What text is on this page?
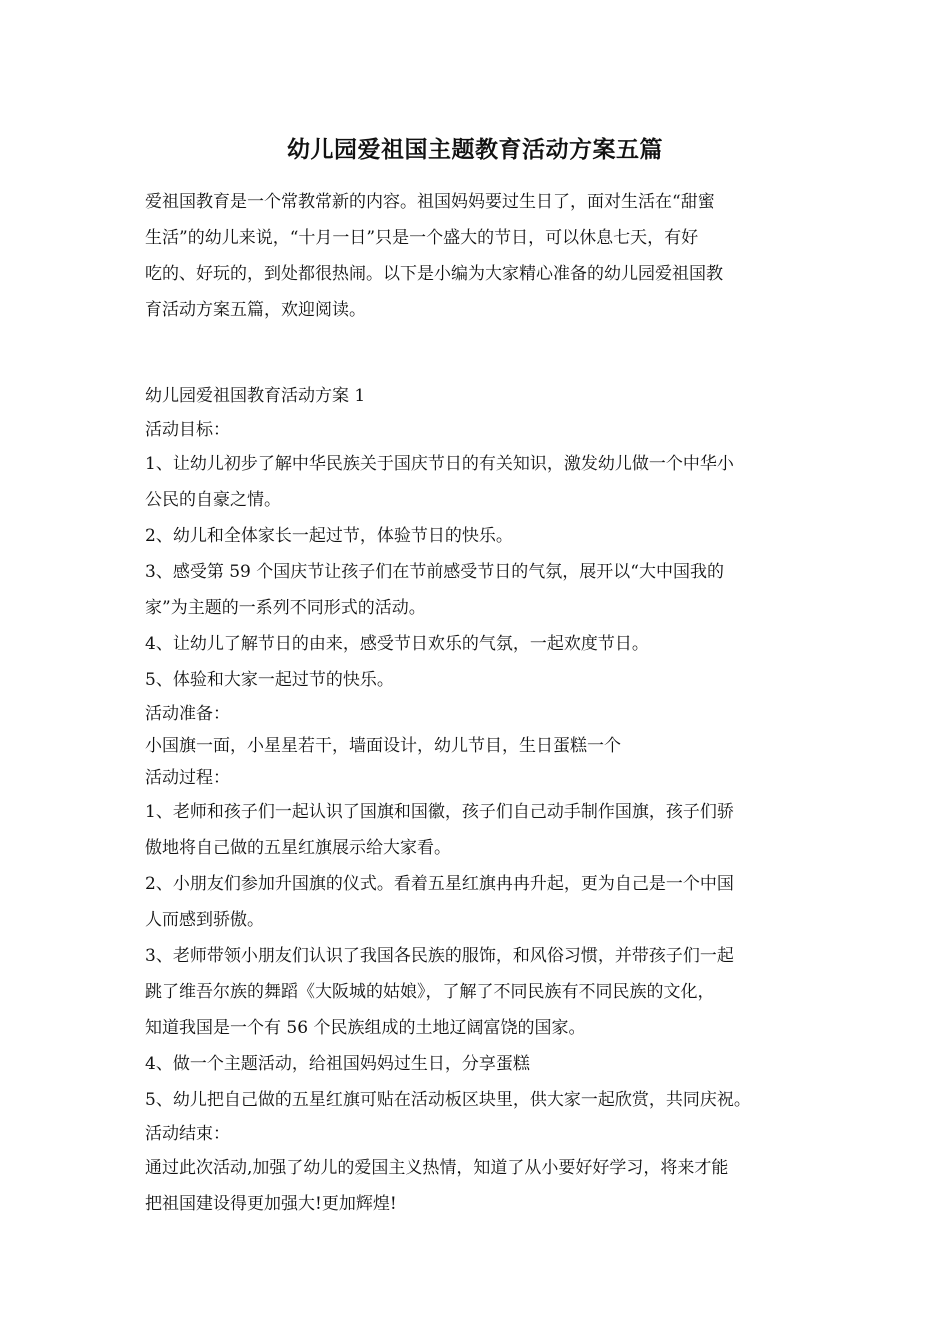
幼儿园爱祖国主题教育活动方案五篇

爱祖国教育是一个常教常新的内容。祖国妈妈要过生日了，面对生活在“甜蜜

生活”的幼儿来说，“十月一日”只是一个盛大的节日，可以休息七天，有好

吃的、好玩的，到处都很热闹。以下是小编为大家精心准备的幼儿园爱祖国教

育活动方案五篇，欢迎阅读。

幼儿园爱祖国教育活动方案 1

活动目标：

1、让幼儿初步了解中华民族关于国庆节日的有关知识，激发幼儿做一个中华小

公民的自豪之情。

2、幼儿和全体家长一起过节，体验节日的快乐。

3、感受第 59 个国庆节让孩子们在节前感受节日的气氛，展开以“大中国我的

家”为主题的一系列不同形式的活动。

4、让幼儿了解节日的由来，感受节日欢乐的气氛，一起欢度节日。

5、体验和大家一起过节的快乐。

活动准备：

小国旗一面，小星星若干，墙面设计，幼儿节目，生日蛋糕一个

活动过程：

1、老师和孩子们一起认识了国旗和国徽，孩子们自己动手制作国旗，孩子们骄

傲地将自己做的五星红旗展示给大家看。

2、小朋友们参加升国旗的仪式。看着五星红旗冉冉升起，更为自己是一个中国

人而感到骄傲。

3、老师带领小朋友们认识了我国各民族的服饰，和风俗习惯，并带孩子们一起

跳了维吾尔族的舞蹈《大阪城的姑娘》，了解了不同民族有不同民族的文化，

知道我国是一个有 56 个民族组成的土地辽阔富饶的国家。

4、做一个主题活动，给祖国妈妈过生日，分享蛋糕

5、幼儿把自己做的五星红旗可贴在活动板区块里，供大家一起欣赏，共同庆祝。

活动结束：

通过此次活动,加强了幼儿的爱国主义热情，知道了从小要好好学习，将来才能

把祖国建设得更加强大!更加辉煌!
